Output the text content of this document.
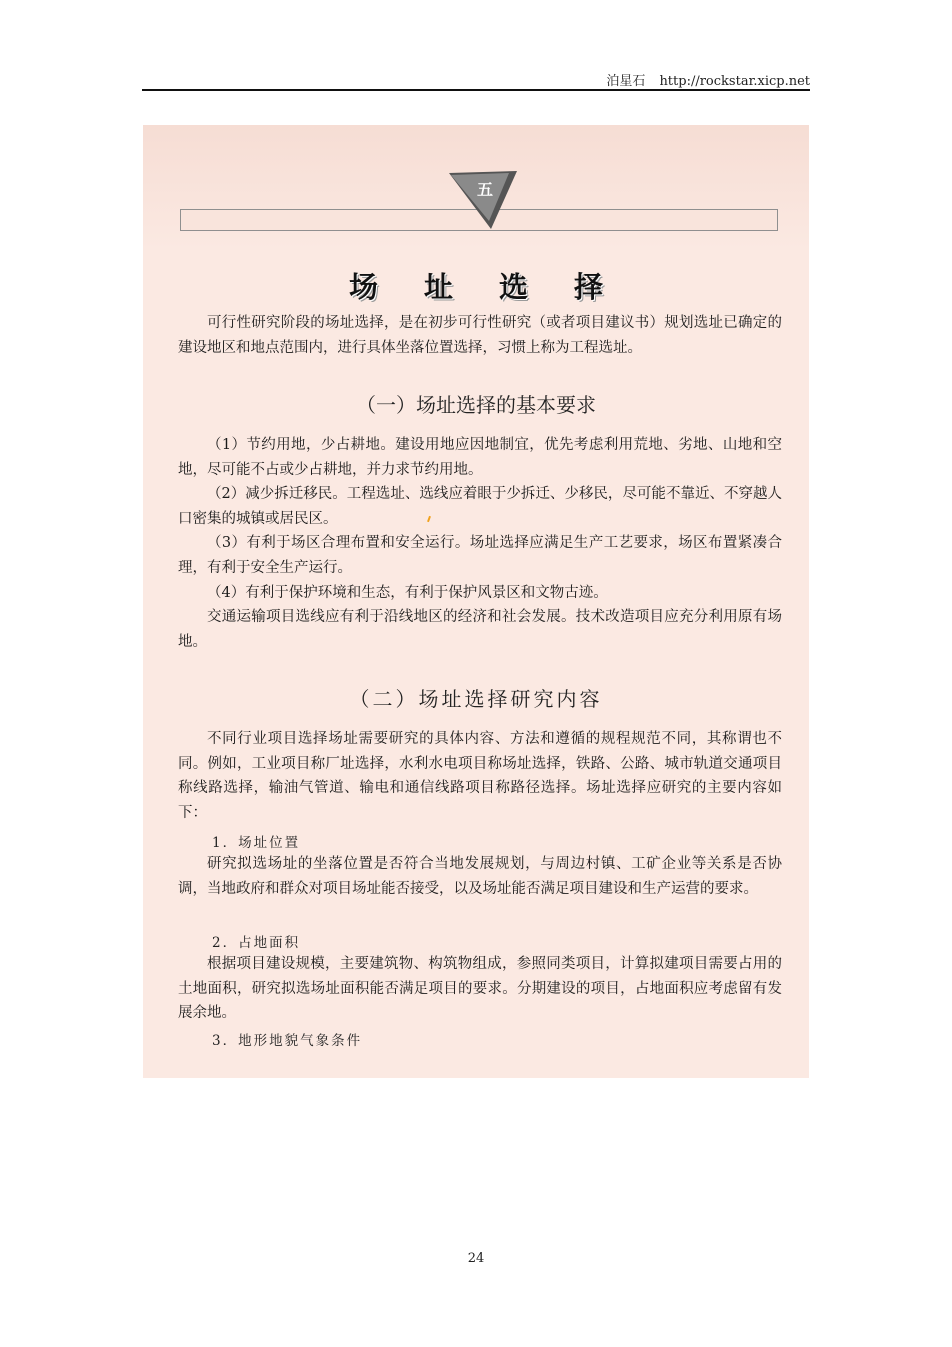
泊星石 http://rockstar.xicp.net
五
场址选择

可行性研究阶段的场址选择，是在初步可行性研究（或者项目建议书）规划选址已确定的建设地区和地点范围内，进行具体坐落位置选择，习惯上称为工程选址。

（一）场址选择的基本要求

（1）节约用地，少占耕地。建设用地应因地制宜，优先考虑利用荒地、劣地、山地和空地，尽可能不占或少占耕地，并力求节约用地。

（2）减少拆迁移民。工程选址、选线应着眼于少拆迁、少移民，尽可能不靠近、不穿越人口密集的城镇或居民区。

（3）有利于场区合理布置和安全运行。场址选择应满足生产工艺要求，场区布置紧凑合理，有利于安全生产运行。

（4）有利于保护环境和生态，有利于保护风景区和文物古迹。

交通运输项目选线应有利于沿线地区的经济和社会发展。技术改造项目应充分利用原有场地。

（二）场址选择研究内容

不同行业项目选择场址需要研究的具体内容、方法和遵循的规程规范不同，其称谓也不同。例如，工业项目称厂址选择，水利水电项目称场址选择，铁路、公路、城市轨道交通项目称线路选择，输油气管道、输电和通信线路项目称路径选择。场址选择应研究的主要内容如下：

1．场址位置

研究拟选场址的坐落位置是否符合当地发展规划，与周边村镇、工矿企业等关系是否协调，当地政府和群众对项目场址能否接受，以及场址能否满足项目建设和生产运营的要求。

2．占地面积

根据项目建设规模，主要建筑物、构筑物组成，参照同类项目，计算拟建项目需要占用的土地面积，研究拟选场址面积能否满足项目的要求。分期建设的项目，占地面积应考虑留有发展余地。

3．地形地貌气象条件
24
